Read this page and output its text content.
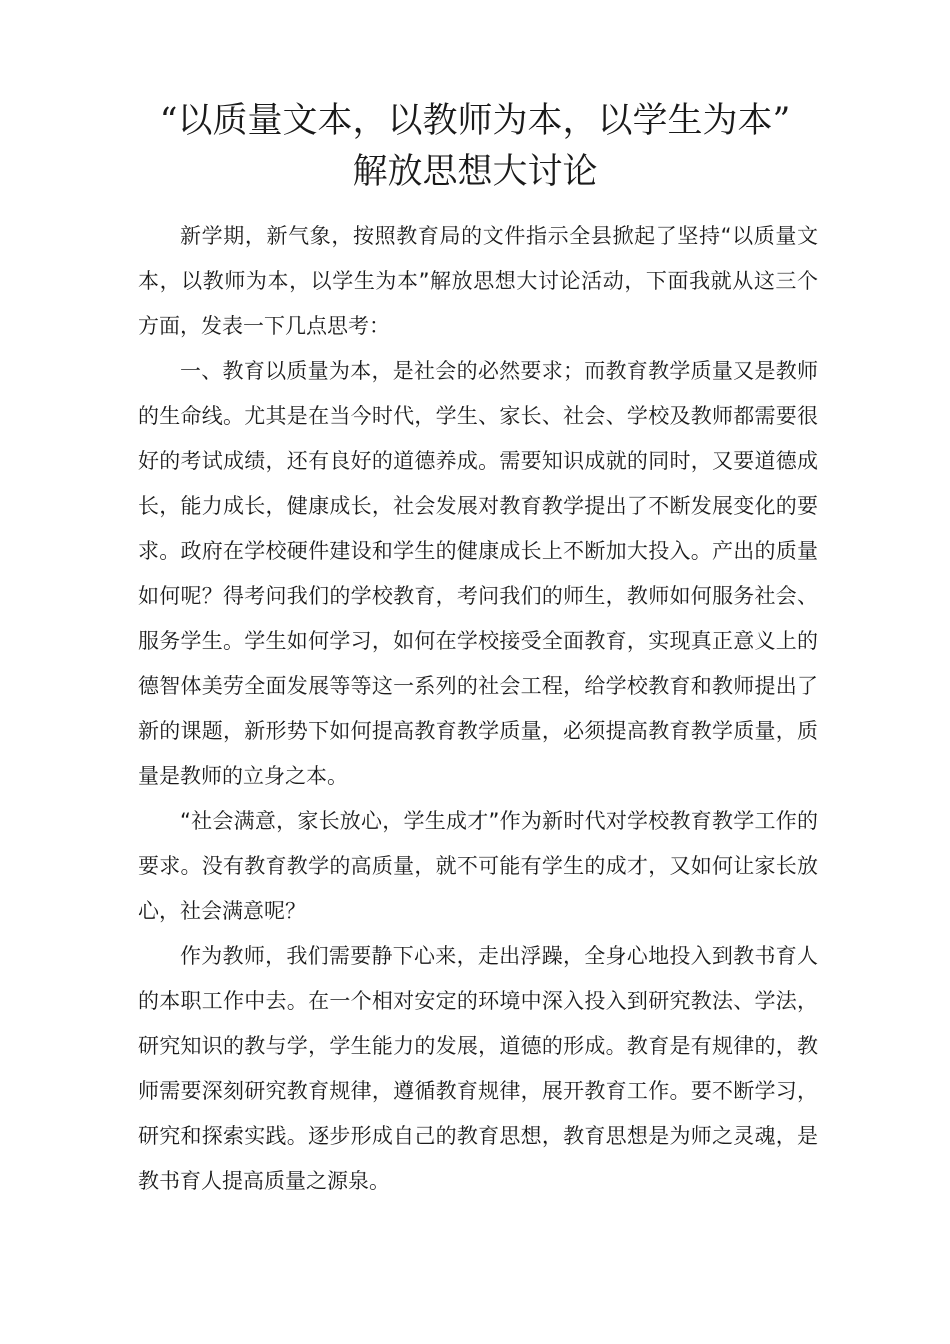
“以质量文本，以教师为本，以学生为本”
解放思想大讨论

新学期，新气象，按照教育局的文件指示全县掀起了坚持“以质量文本，以教师为本，以学生为本”解放思想大讨论活动，下面我就从这三个方面，发表一下几点思考：

一、教育以质量为本，是社会的必然要求；而教育教学质量又是教师的生命线。尤其是在当今时代，学生、家长、社会、学校及教师都需要很好的考试成绩，还有良好的道德养成。需要知识成就的同时，又要道德成长，能力成长，健康成长，社会发展对教育教学提出了不断发展变化的要求。政府在学校硬件建设和学生的健康成长上不断加大投入。产出的质量如何呢？得考问我们的学校教育，考问我们的师生，教师如何服务社会、服务学生。学生如何学习，如何在学校接受全面教育，实现真正意义上的德智体美劳全面发展等等这一系列的社会工程，给学校教育和教师提出了新的课题，新形势下如何提高教育教学质量，必须提高教育教学质量，质量是教师的立身之本。

“社会满意，家长放心，学生成才”作为新时代对学校教育教学工作的要求。没有教育教学的高质量，就不可能有学生的成才，又如何让家长放心，社会满意呢？

作为教师，我们需要静下心来，走出浮躁，全身心地投入到教书育人的本职工作中去。在一个相对安定的环境中深入投入到研究教法、学法，研究知识的教与学，学生能力的发展，道德的形成。教育是有规律的，教师需要深刻研究教育规律，遵循教育规律，展开教育工作。要不断学习，研究和探索实践。逐步形成自己的教育思想，教育思想是为师之灵魂，是教书育人提高质量之源泉。
